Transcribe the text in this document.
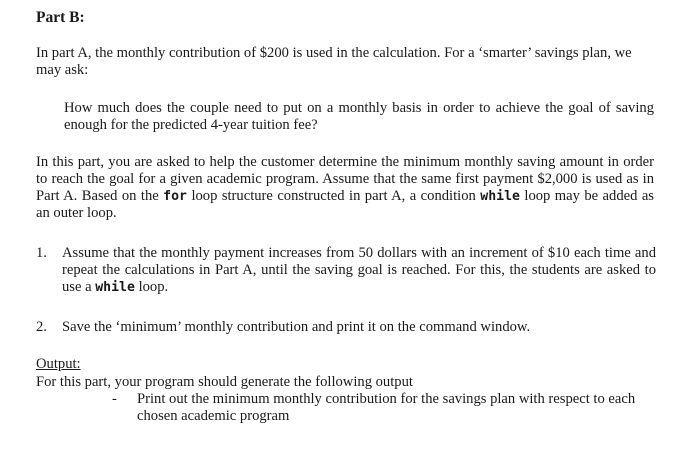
Part B:
In part A, the monthly contribution of $200 is used in the calculation. For a ‘smarter’ savings plan, we may ask:
How much does the couple need to put on a monthly basis in order to achieve the goal of saving enough for the predicted 4-year tuition fee?
In this part, you are asked to help the customer determine the minimum monthly saving amount in order to reach the goal for a given academic program. Assume that the same first payment $2,000 is used as in Part A. Based on the for loop structure constructed in part A, a condition while loop may be added as an outer loop.
1.	Assume that the monthly payment increases from 50 dollars with an increment of $10 each time and repeat the calculations in Part A, until the saving goal is reached. For this, the students are asked to use a while loop.
2.	Save the ‘minimum’ monthly contribution and print it on the command window.
Output:
For this part, your program should generate the following output
-	Print out the minimum monthly contribution for the savings plan with respect to each chosen academic program
